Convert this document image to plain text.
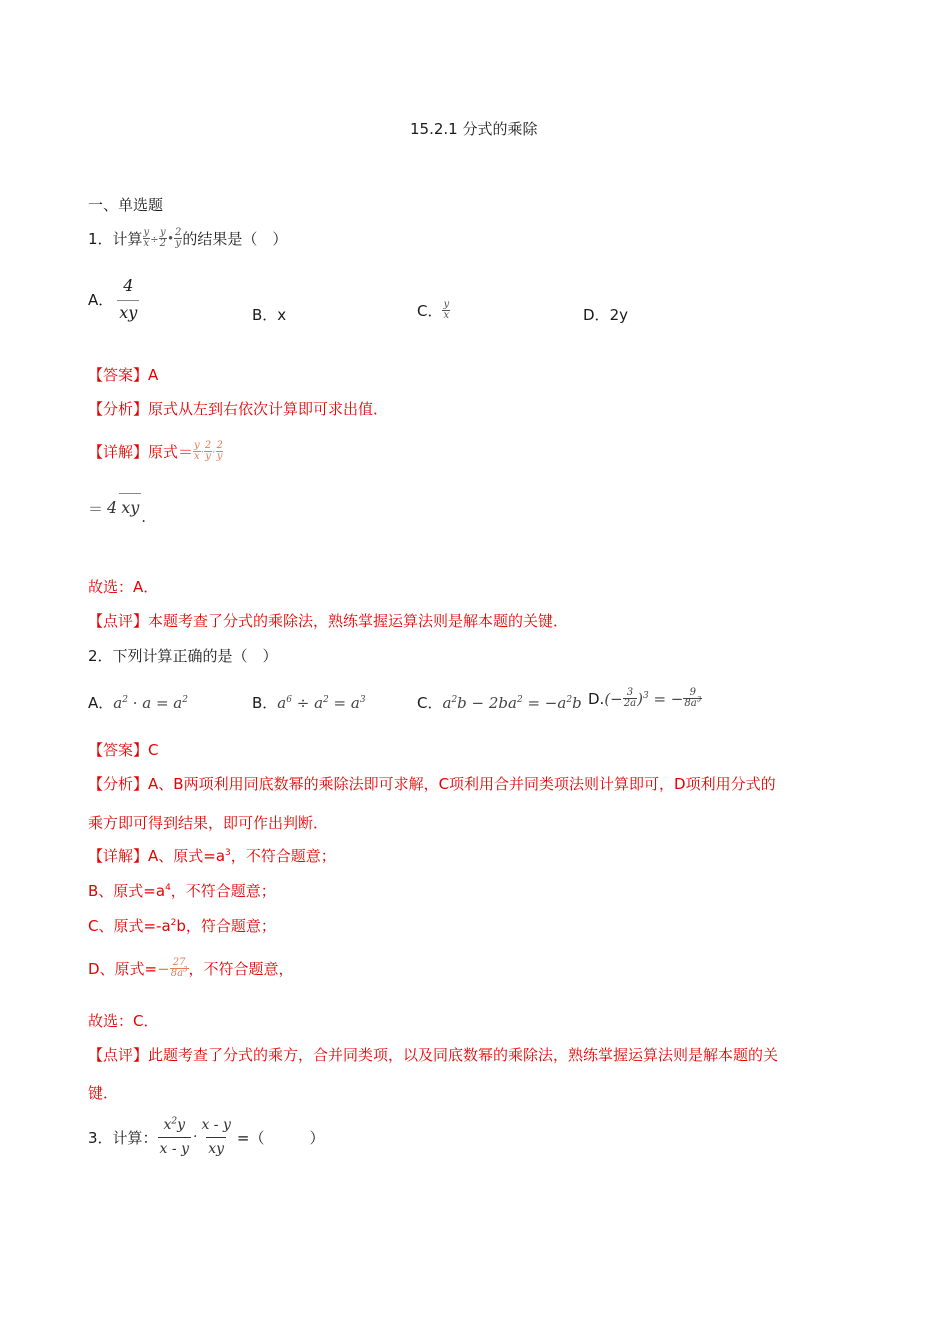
15.2.1 分式的乘除
一、单选题
1．计算 $\frac{y}{x} \div \frac{y}{2}$ • $\frac{2}{y}$ 的结果是（　）
A． $\frac{4}{xy}$	B．x	C． $\frac{y}{x}$	D．2y
【答案】A
【分析】原式从左到右依次计算即可求出值．
【详解】原式＝ $\frac{y}{x} \cdot \frac{2}{y} \cdot \frac{2}{y}$
＝ 4 xy .
故选：A．
【点评】本题考查了分式的乘除法，熟练掌握运算法则是解本题的关键．
2．下列计算正确的是（　）
A．$a^2 \cdot a = a^2$	B．$a^6 \div a^2 = a^3$	C．$a^2b - 2ba^2 = -a^2b$ $D.(- \frac{3}{2a} )^3$ = − $\frac{9}{8a^3}$
【答案】C
【分析】A、B两项利用同底数幂的乘除法即可求解，C项利用合并同类项法则计算即可，D项利用分式的
乘方即可得到结果，即可作出判断．
【详解】A、原式$=a^3$，不符合题意；
B、原式$=a^4$，不符合题意；
C、原式$=-a^2b$，符合题意；
D、原式=− $\frac{27}{8a^3}$ ，不符合题意，
故选：C．
【点评】此题考查了分式的乘方，合并同类项，以及同底数幂的乘除法，熟练掌握运算法则是解本题的关
键．
3．计算： $\frac{x^2y}{x - y} \cdot \frac{x - y}{xy}$ =（　　　）
